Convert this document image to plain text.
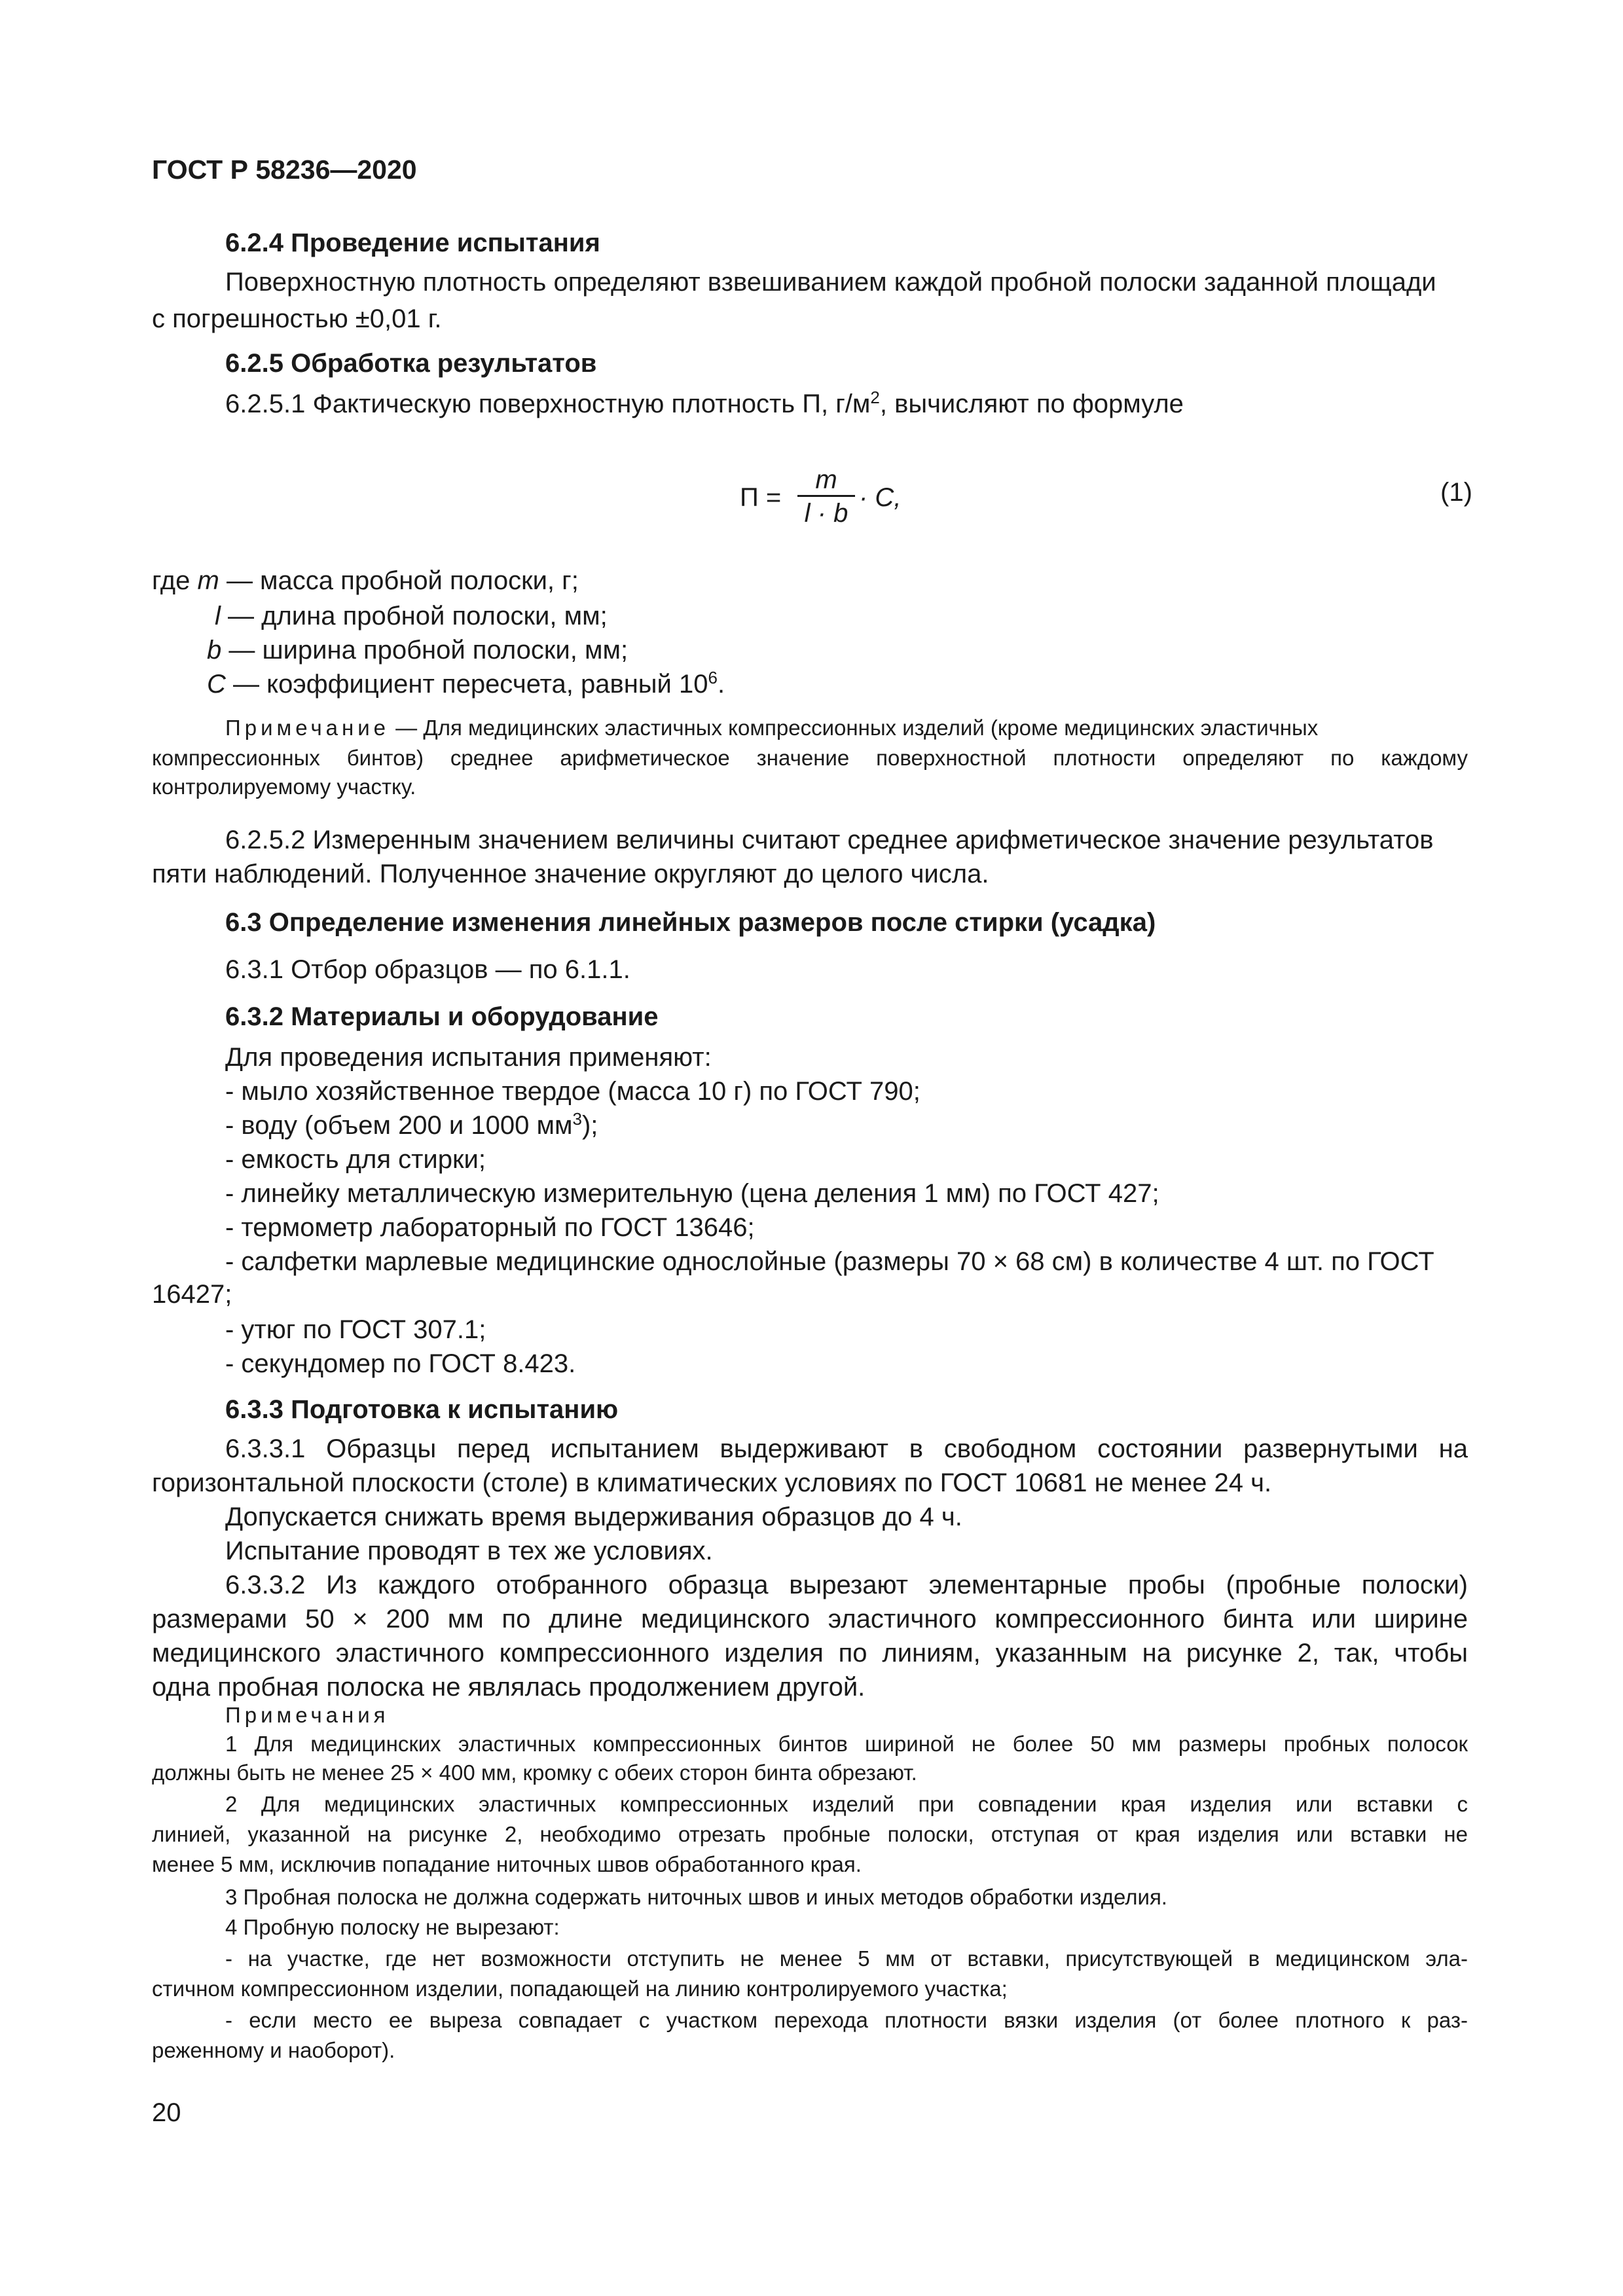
ГОСТ Р 58236—2020
6.2.4 Проведение испытания
Поверхностную плотность определяют взвешиванием каждой пробной полоски заданной площади
с погрешностью ±0,01 г.
6.2.5 Обработка результатов
6.2.5.1 Фактическую поверхностную плотность П, $г/м^2$, вычисляют по формуле
П =
m
l · b
· C,	(1)
где m — масса пробной полоски, г;
l — длина пробной полоски, мм;
b — ширина пробной полоски, мм;
C — коэффициент пересчета, равный $10^6$.
Примечание — Для медицинских эластичных компрессионных изделий (кроме медицинских эластичных
компрессионных бинтов) среднее арифметическое значение поверхностной плотности определяют по каждому
контролируемому участку.
6.2.5.2 Измеренным значением величины считают среднее арифметическое значение результатов
пяти наблюдений. Полученное значение округляют до целого числа.
6.3 Определение изменения линейных размеров после стирки (усадка)
6.3.1 Отбор образцов — по 6.1.1.
6.3.2 Материалы и оборудование
Для проведения испытания применяют:
- мыло хозяйственное твердое (масса 10 г) по ГОСТ 790;
- воду (объем 200 и 1000 $мм^3$);
- емкость для стирки;
- линейку металлическую измерительную (цена деления 1 мм) по ГОСТ 427;
- термометр лабораторный по ГОСТ 13646;
- салфетки марлевые медицинские однослойные (размеры 70 × 68 см) в количестве 4 шт. по ГОСТ
16427;
- утюг по ГОСТ 307.1;
- секундомер по ГОСТ 8.423.
6.3.3 Подготовка к испытанию
6.3.3.1 Образцы перед испытанием выдерживают в свободном состоянии развернутыми на
горизонтальной плоскости (столе) в климатических условиях по ГОСТ 10681 не менее 24 ч.
Допускается снижать время выдерживания образцов до 4 ч.
Испытание проводят в тех же условиях.
6.3.3.2 Из каждого отобранного образца вырезают элементарные пробы (пробные полоски)
размерами 50 × 200 мм по длине медицинского эластичного компрессионного бинта или ширине
медицинского эластичного компрессионного изделия по линиям, указанным на рисунке 2, так, чтобы
одна пробная полоска не являлась продолжением другой.
Примечания
1 Для медицинских эластичных компрессионных бинтов шириной не более 50 мм размеры пробных полосок
должны быть не менее 25 × 400 мм, кромку с обеих сторон бинта обрезают.
2 Для медицинских эластичных компрессионных изделий при совпадении края изделия или вставки с
линией, указанной на рисунке 2, необходимо отрезать пробные полоски, отступая от края изделия или вставки не
менее 5 мм, исключив попадание ниточных швов обработанного края.
3 Пробная полоска не должна содержать ниточных швов и иных методов обработки изделия.
4 Пробную полоску не вырезают:
- на участке, где нет возможности отступить не менее 5 мм от вставки, присутствующей в медицинском эла-
стичном компрессионном изделии, попадающей на линию контролируемого участка;
- если место ее выреза совпадает с участком перехода плотности вязки изделия (от более плотного к раз-
реженному и наоборот).
20
